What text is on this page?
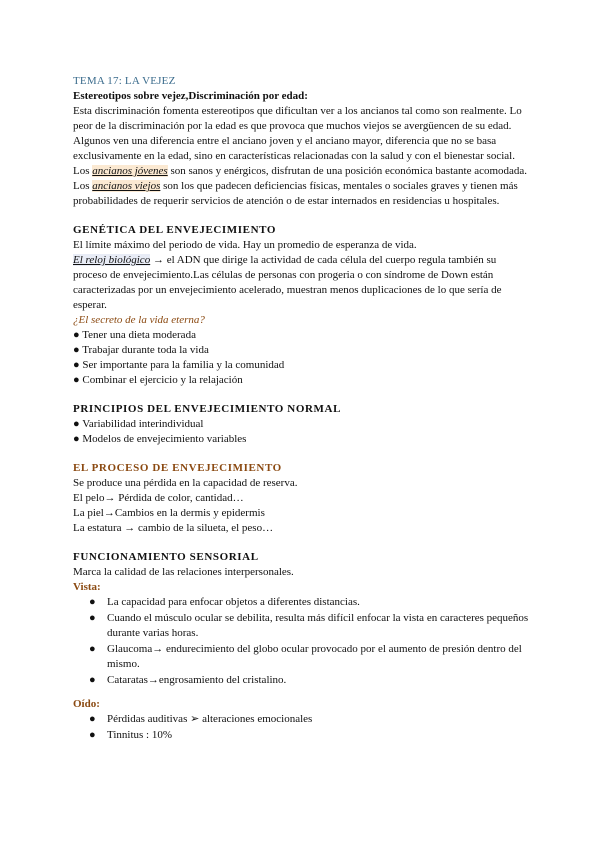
TEMA 17: LA VEJEZ

Estereotipos sobre vejez,Discriminación por edad:

Esta discriminación fomenta estereotipos que dificultan ver a los ancianos tal como son realmente. Lo peor de la discriminación por la edad es que provoca que muchos viejos se avergüencen de su edad. Algunos ven una diferencia entre el anciano joven y el anciano mayor, diferencia que no se basa exclusivamente en la edad, sino en características relacionadas con la salud y con el bienestar social.

Los ancianos jóvenes son sanos y enérgicos, disfrutan de una posición económica bastante acomodada.

Los ancianos viejos son los que padecen deficiencias físicas, mentales o sociales graves y tienen más probabilidades de requerir servicios de atención o de estar internados en residencias u hospitales.

GENÉTICA DEL ENVEJECIMIENTO

El límite máximo del periodo de vida. Hay un promedio de esperanza de vida.

El reloj biológico → el ADN que dirige la actividad de cada célula del cuerpo regula también su proceso de envejecimiento.Las células de personas con progeria o con síndrome de Down están caracterizadas por un envejecimiento acelerado, muestran menos duplicaciones de lo que sería de esperar.

¿El secreto de la vida eterna?

● Tener una dieta moderada

● Trabajar durante toda la vida

● Ser importante para la familia y la comunidad

● Combinar el ejercicio y la relajación

PRINCIPIOS DEL ENVEJECIMIENTO NORMAL

● Variabilidad interindividual

● Modelos de envejecimiento variables

EL PROCESO DE ENVEJECIMIENTO

Se produce una pérdida en la capacidad de reserva.

El pelo→ Pérdida de color, cantidad…

La piel→Cambios en la dermis y epidermis

La estatura → cambio de la silueta, el peso…

FUNCIONAMIENTO SENSORIAL

Marca la calidad de las relaciones interpersonales.

Vista:

● La capacidad para enfocar objetos a diferentes distancias.
● Cuando el músculo ocular se debilita, resulta más difícil enfocar la vista en caracteres pequeños durante varias horas.
● Glaucoma→ endurecimiento del globo ocular provocado por el aumento de presión dentro del mismo.
● Cataratas→engrosamiento del cristalino.

Oído:

● Pérdidas auditivas ➢ alteraciones emocionales
● Tinnitus : 10%
